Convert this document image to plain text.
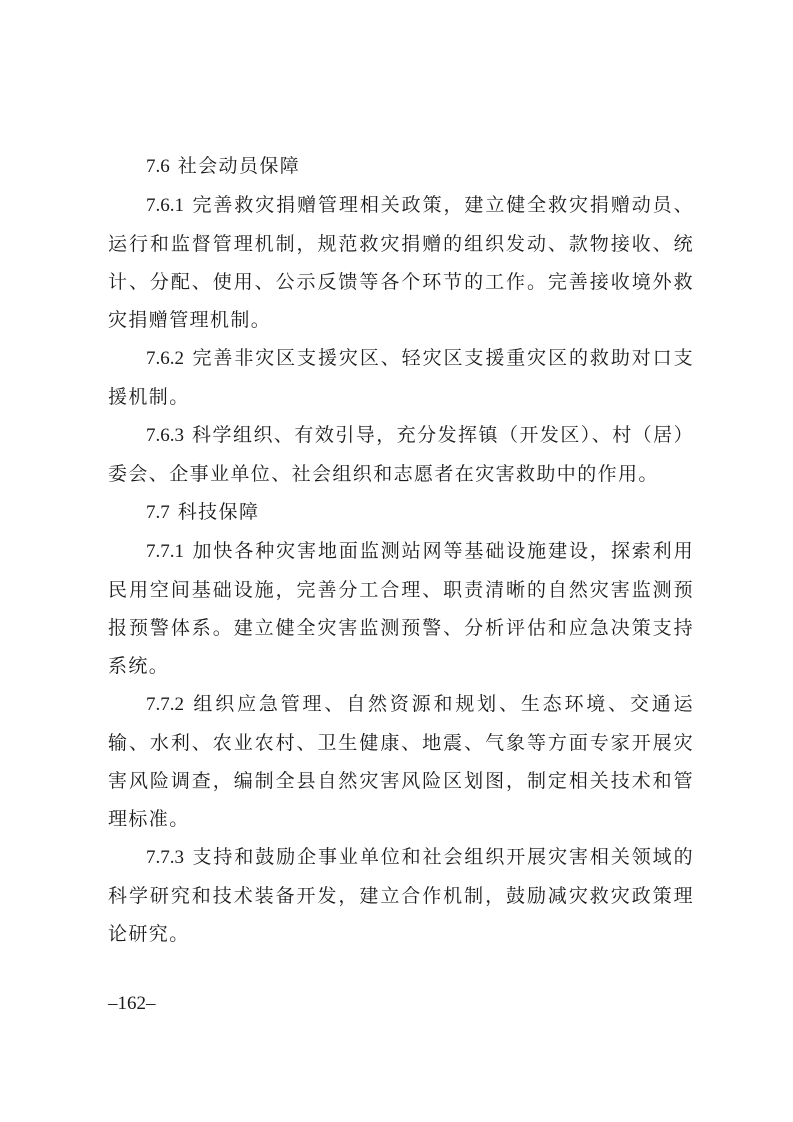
7.6 社会动员保障

7.6.1 完善救灾捐赠管理相关政策，建立健全救灾捐赠动员、运行和监督管理机制，规范救灾捐赠的组织发动、款物接收、统计、分配、使用、公示反馈等各个环节的工作。完善接收境外救灾捐赠管理机制。

7.6.2 完善非灾区支援灾区、轻灾区支援重灾区的救助对口支援机制。

7.6.3 科学组织、有效引导，充分发挥镇（开发区）、村（居）委会、企事业单位、社会组织和志愿者在灾害救助中的作用。

7.7 科技保障

7.7.1 加快各种灾害地面监测站网等基础设施建设，探索利用民用空间基础设施，完善分工合理、职责清晰的自然灾害监测预报预警体系。建立健全灾害监测预警、分析评估和应急决策支持系统。

7.7.2 组织应急管理、自然资源和规划、生态环境、交通运输、水利、农业农村、卫生健康、地震、气象等方面专家开展灾害风险调查，编制全县自然灾害风险区划图，制定相关技术和管理标准。

7.7.3 支持和鼓励企事业单位和社会组织开展灾害相关领域的科学研究和技术装备开发，建立合作机制，鼓励减灾救灾政策理论研究。

–162–
